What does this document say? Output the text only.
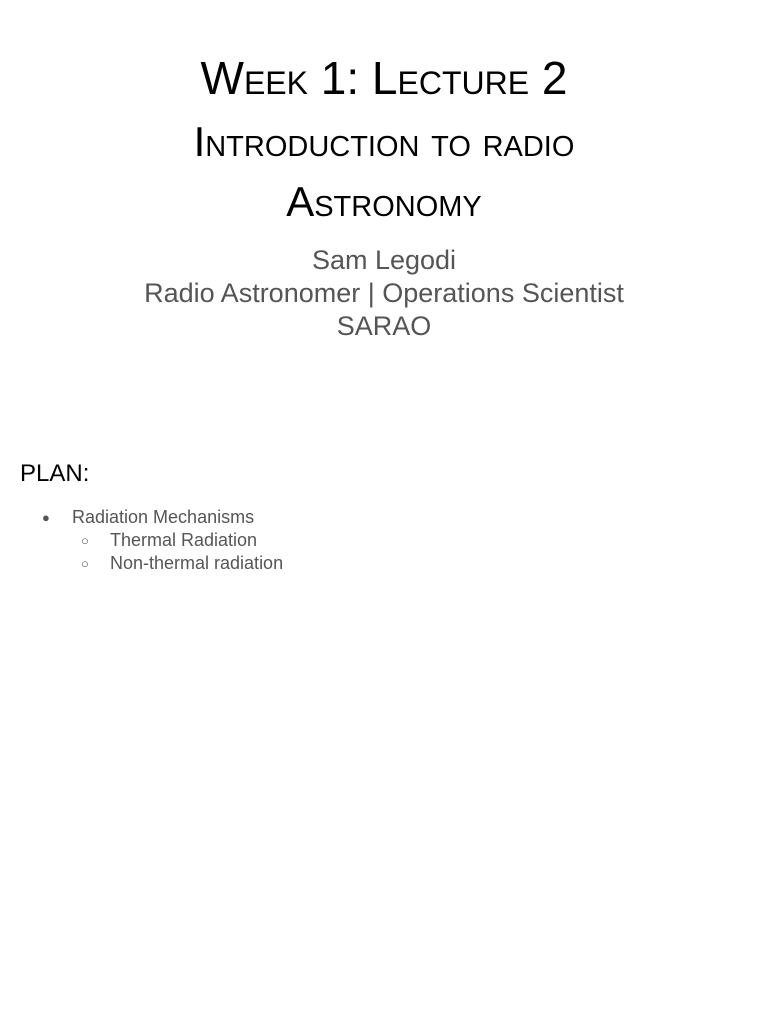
Week 1: Lecture 2
Introduction to radio
Astronomy
Sam Legodi
Radio Astronomer | Operations Scientist
SARAO
PLAN:
● Radiation Mechanisms
○ Thermal Radiation
○ Non-thermal radiation
